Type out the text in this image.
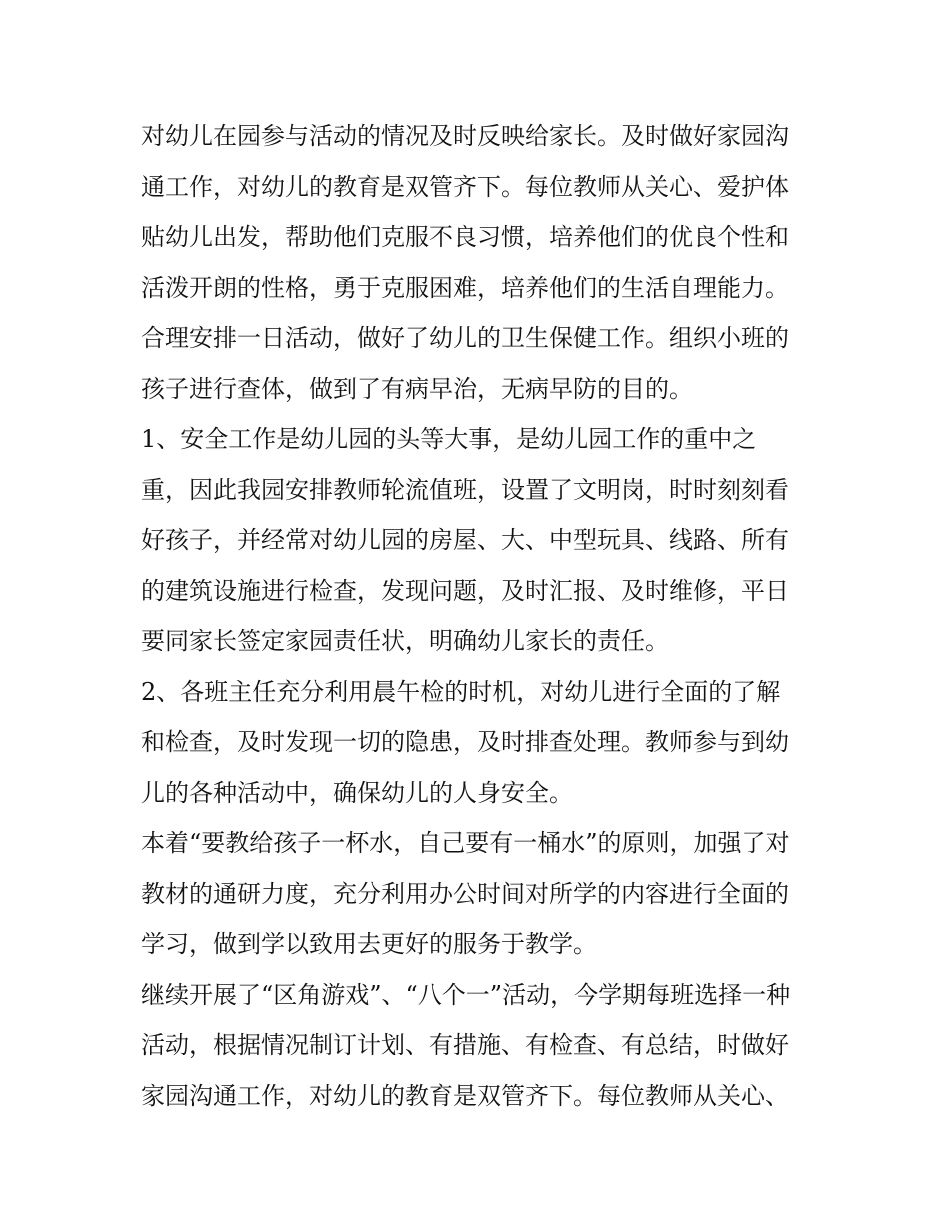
对幼儿在园参与活动的情况及时反映给家长。及时做好家园沟
通工作，对幼儿的教育是双管齐下。每位教师从关心、爱护体
贴幼儿出发，帮助他们克服不良习惯，培养他们的优良个性和
活泼开朗的性格，勇于克服困难，培养他们的生活自理能力。
合理安排一日活动，做好了幼儿的卫生保健工作。组织小班的
孩子进行查体，做到了有病早治，无病早防的目的。
1、安全工作是幼儿园的头等大事，是幼儿园工作的重中之
重，因此我园安排教师轮流值班，设置了文明岗，时时刻刻看
好孩子，并经常对幼儿园的房屋、大、中型玩具、线路、所有
的建筑设施进行检查，发现问题，及时汇报、及时维修，平日
要同家长签定家园责任状，明确幼儿家长的责任。
2、各班主任充分利用晨午检的时机，对幼儿进行全面的了解
和检查，及时发现一切的隐患，及时排查处理。教师参与到幼
儿的各种活动中，确保幼儿的人身安全。
本着“要教给孩子一杯水，自己要有一桶水”的原则，加强了对
教材的通研力度，充分利用办公时间对所学的内容进行全面的
学习，做到学以致用去更好的服务于教学。
继续开展了“区角游戏”、“八个一”活动，今学期每班选择一种
活动，根据情况制订计划、有措施、有检查、有总结，时做好
家园沟通工作，对幼儿的教育是双管齐下。每位教师从关心、
